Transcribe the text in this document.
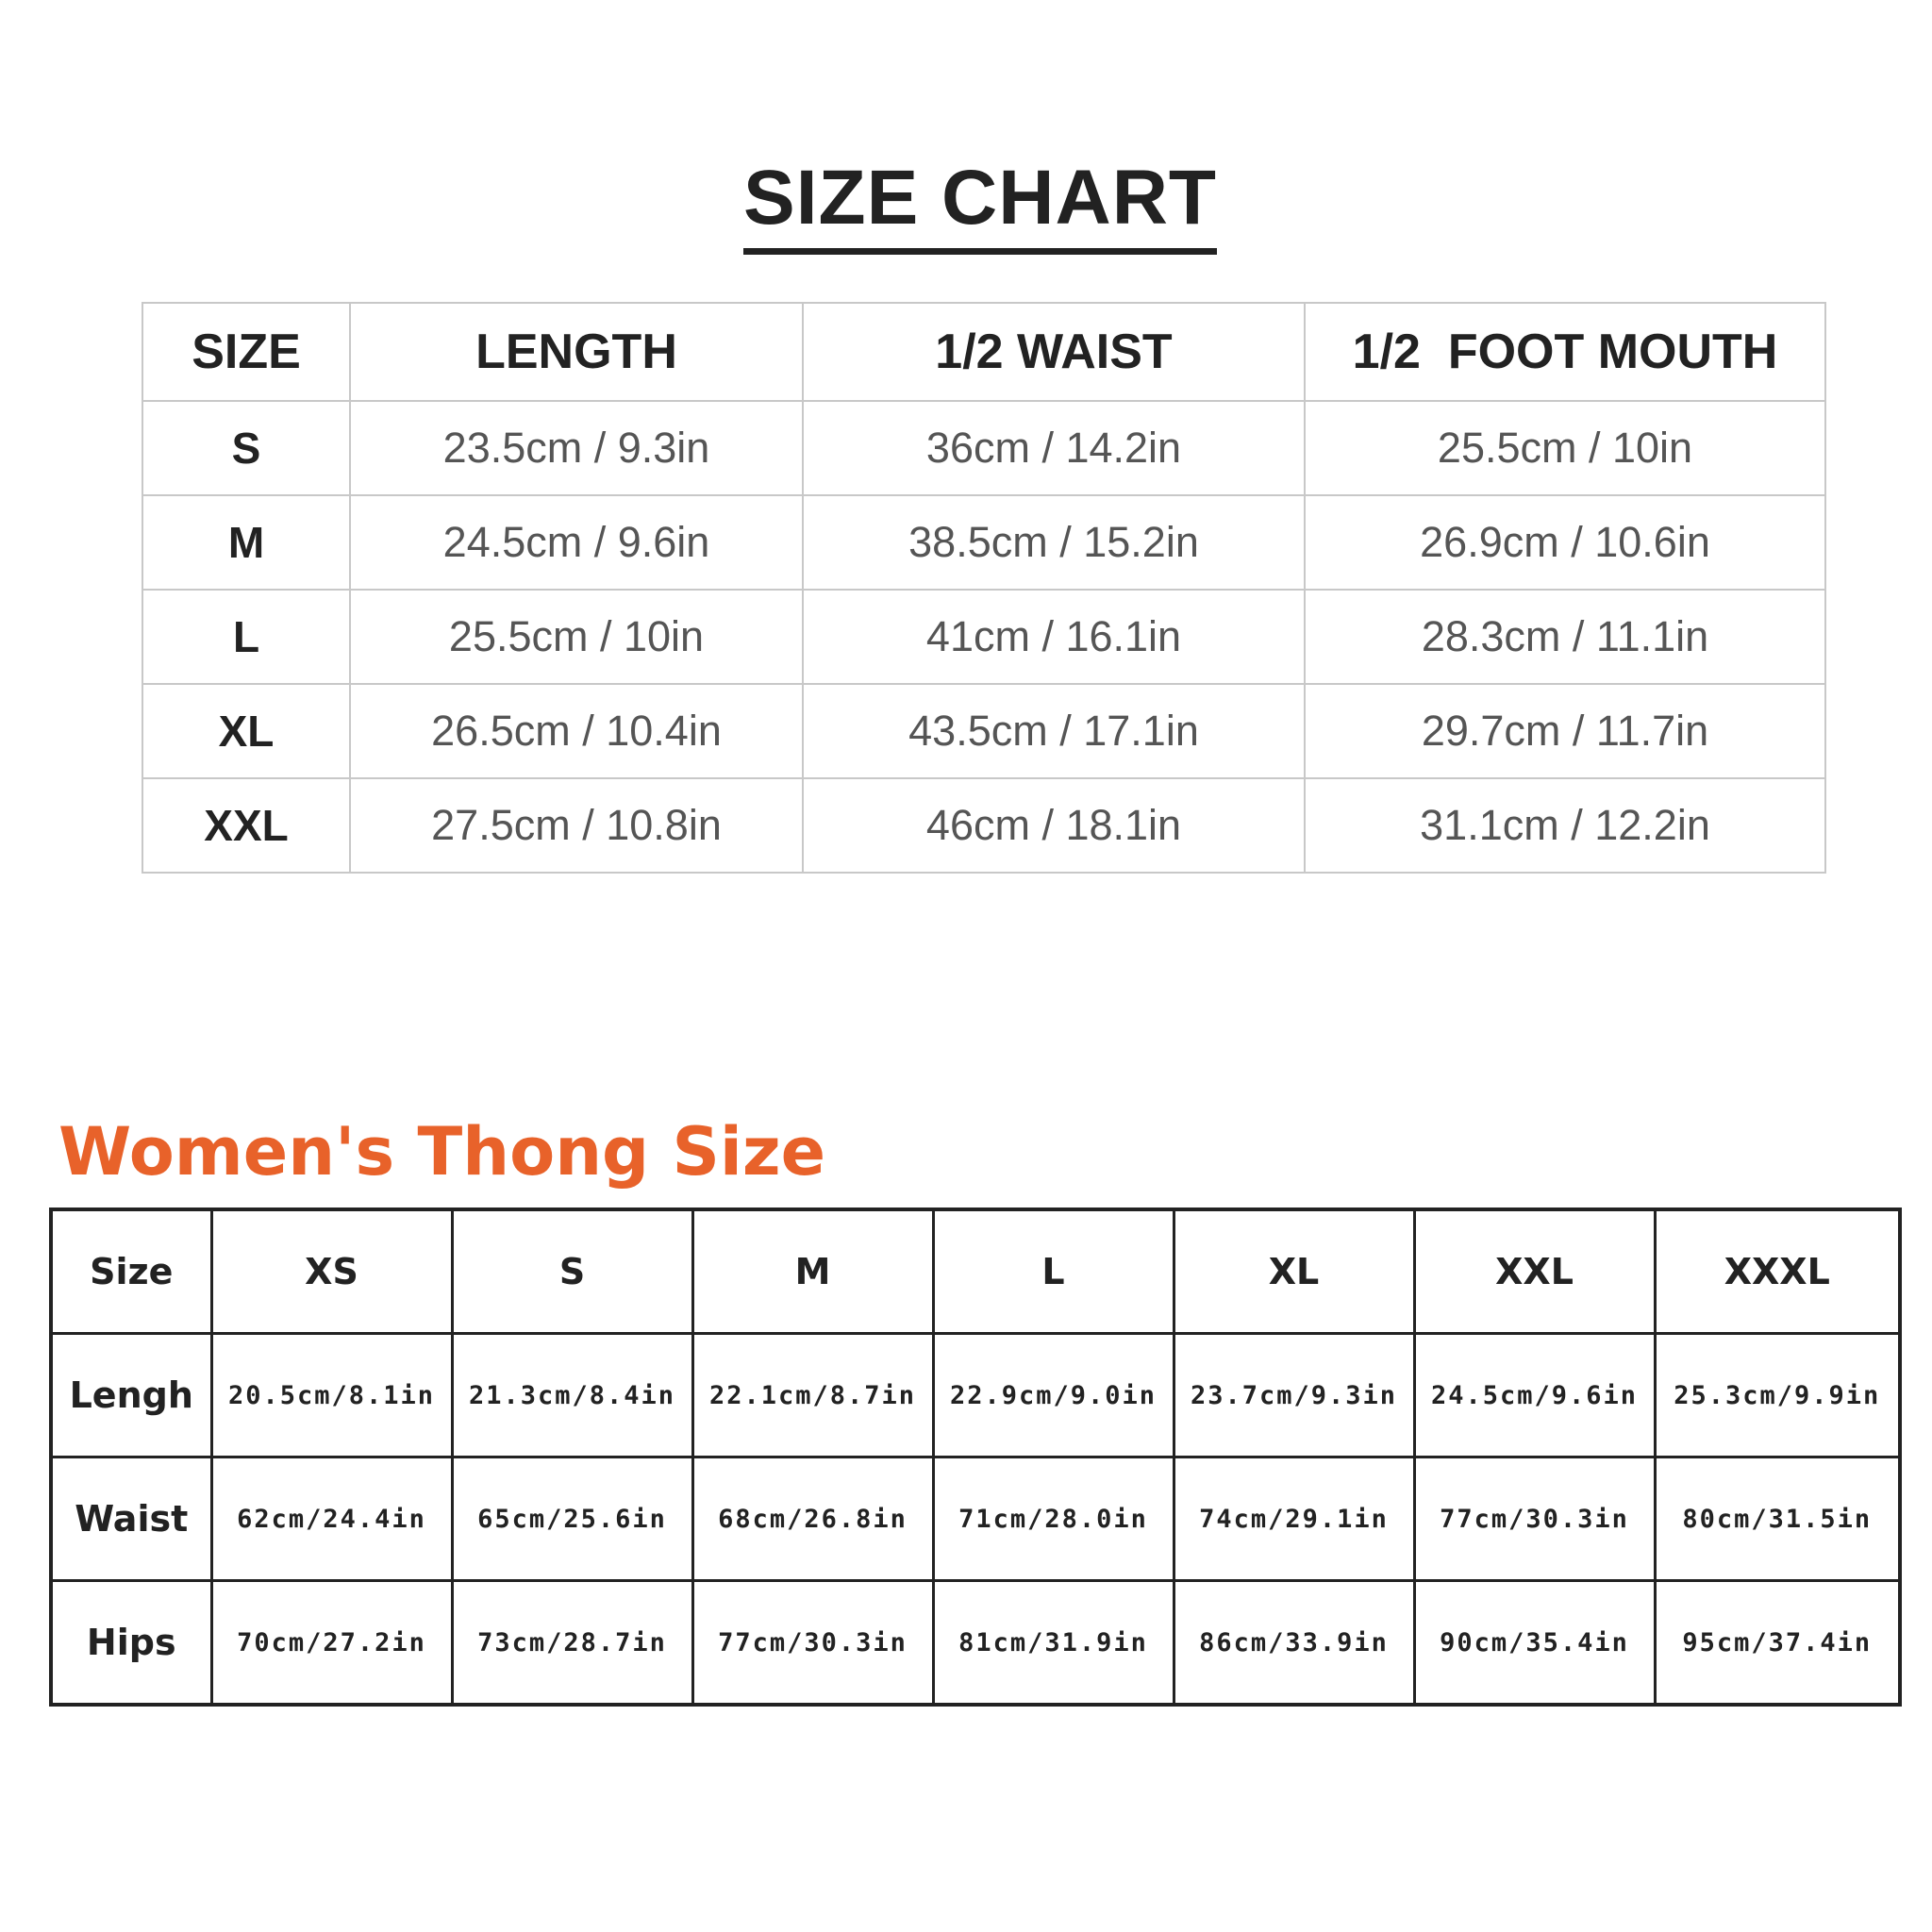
SIZE CHART
SIZE	LENGTH	1/2 WAIST	1/2  FOOT MOUTH
S	23.5cm / 9.3in	36cm / 14.2in	25.5cm / 10in
M	24.5cm / 9.6in	38.5cm / 15.2in	26.9cm / 10.6in
L	25.5cm / 10in	41cm / 16.1in	28.3cm / 11.1in
XL	26.5cm / 10.4in	43.5cm / 17.1in	29.7cm / 11.7in
XXL	27.5cm / 10.8in	46cm / 18.1in	31.1cm / 12.2in
Women's Thong Size
Size	XS	S	M	L	XL	XXL	XXXL
Lengh	20.5cm/8.1in	21.3cm/8.4in	22.1cm/8.7in	22.9cm/9.0in	23.7cm/9.3in	24.5cm/9.6in	25.3cm/9.9in
Waist	62cm/24.4in	65cm/25.6in	68cm/26.8in	71cm/28.0in	74cm/29.1in	77cm/30.3in	80cm/31.5in
Hips	70cm/27.2in	73cm/28.7in	77cm/30.3in	81cm/31.9in	86cm/33.9in	90cm/35.4in	95cm/37.4in
